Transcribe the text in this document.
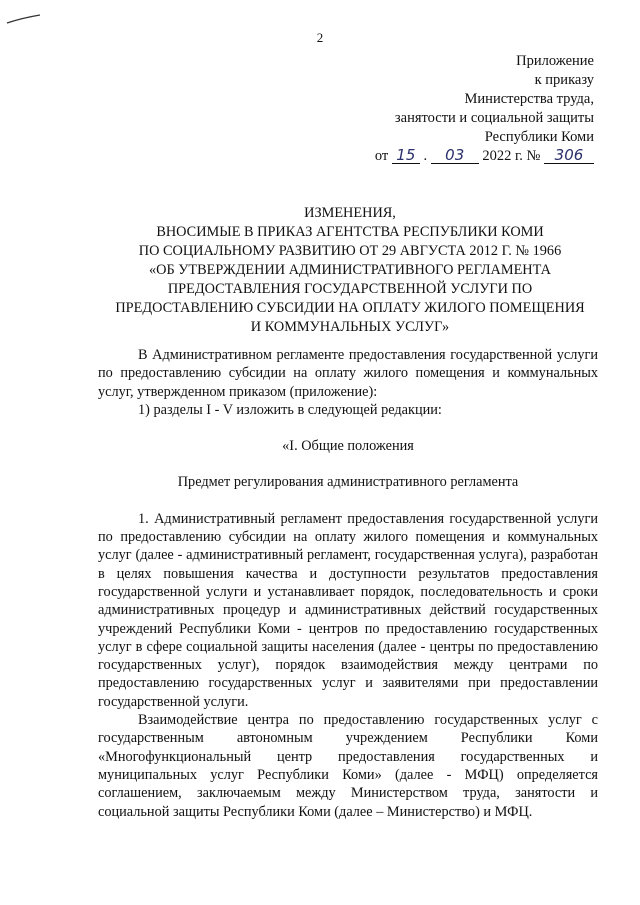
2
Приложение
к приказу
Министерства труда,
занятости и социальной защиты
Республики Коми
от 15 . 03 2022 г. № 306
ИЗМЕНЕНИЯ,
ВНОСИМЫЕ В ПРИКАЗ АГЕНТСТВА РЕСПУБЛИКИ КОМИ
ПО СОЦИАЛЬНОМУ РАЗВИТИЮ ОТ 29 АВГУСТА 2012 Г. № 1966
«ОБ УТВЕРЖДЕНИИ АДМИНИСТРАТИВНОГО РЕГЛАМЕНТА
ПРЕДОСТАВЛЕНИЯ ГОСУДАРСТВЕННОЙ УСЛУГИ ПО
ПРЕДОСТАВЛЕНИЮ СУБСИДИИ НА ОПЛАТУ ЖИЛОГО ПОМЕЩЕНИЯ
И КОММУНАЛЬНЫХ УСЛУГ»

В Административном регламенте предоставления государственной услуги по предоставлению субсидии на оплату жилого помещения и коммунальных услуг, утвержденном приказом (приложение):

1) разделы I - V изложить в следующей редакции:

«I. Общие положения

Предмет регулирования административного регламента

1. Административный регламент предоставления государственной услуги по предоставлению субсидии на оплату жилого помещения и коммунальных услуг (далее - административный регламент, государственная услуга), разработан в целях повышения качества и доступности результатов предоставления государственной услуги и устанавливает порядок, последовательность и сроки административных процедур и административных действий государственных учреждений Республики Коми - центров по предоставлению государственных услуг в сфере социальной защиты населения (далее - центры по предоставлению государственных услуг), порядок взаимодействия между центрами по предоставлению государственных услуг и заявителями при предоставлении государственной услуги.

Взаимодействие центра по предоставлению государственных услуг с государственным автономным учреждением Республики Коми «Многофункциональный центр предоставления государственных и муниципальных услуг Республики Коми» (далее - МФЦ) определяется соглашением, заключаемым между Министерством труда, занятости и социальной защиты Республики Коми (далее – Министерство) и МФЦ.
